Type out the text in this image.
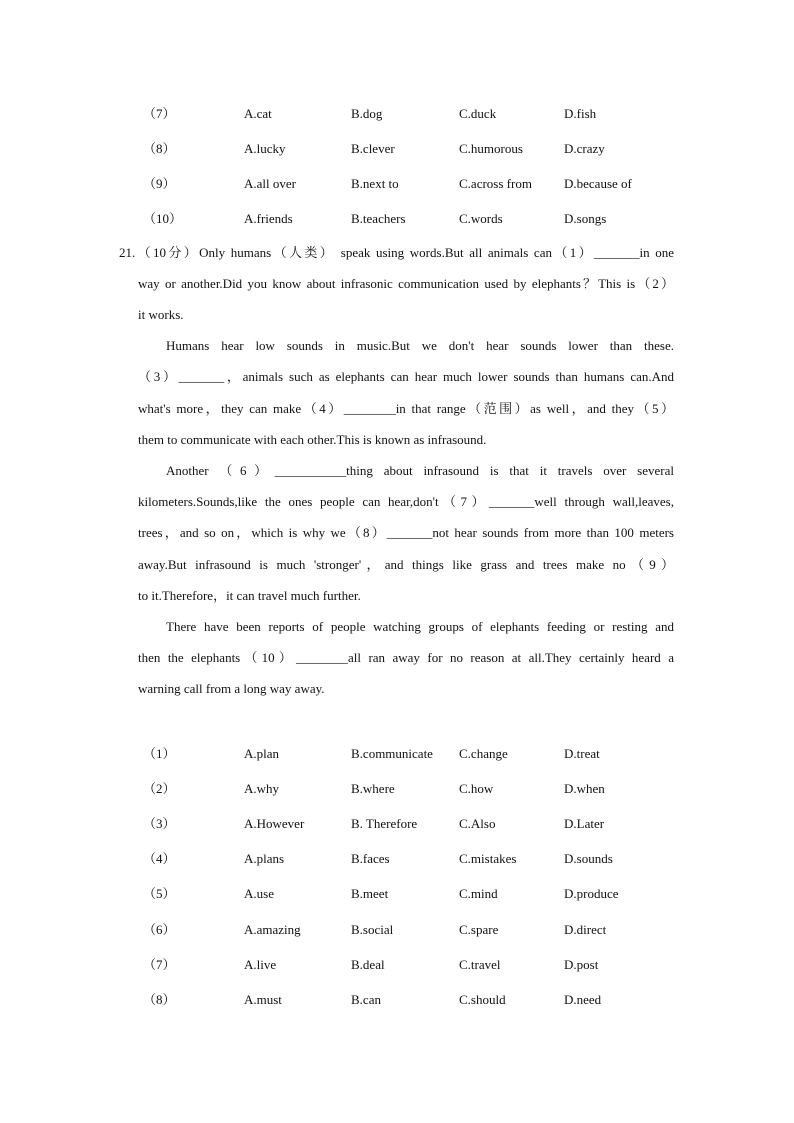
（7）	A.cat	B.dog	C.duck	D.fish
（8）	A.lucky	B.clever	C.humorous	D.crazy
（9）	A.all over	B.next to	C.across from D.because of
（10）	A.friends	B.teachers	C.words	D.songs
21.（10分）Only humans（人类） speak using words.But all animals can（1）_______in one
way or another.Did you know about infrasonic communication used by elephants？This is（2）
it works.
Humans hear low sounds in music.But we don't hear sounds lower than these.
（3）_______，animals such as elephants can hear much lower sounds than humans can.And
what's more，they can make（4）________in that range（范围）as well，and they（5）
them to communicate with each other.This is known as infrasound.
Another （6）___________thing about infrasound is that it travels over several
kilometers.Sounds,like the ones people can hear,don't（7）_______well through wall,leaves,
trees，and so on，which is why we（8）_______not hear sounds from more than 100 meters
away.But infrasound is much 'stronger'，and things like grass and trees make no（9）
to it.Therefore，it can travel much further.
There have been reports of people watching groups of elephants feeding or resting and
then the elephants（10）________all ran away for no reason at all.They certainly heard a
warning call from a long way away.
（1）	A.plan	B.communicate C.change	D.treat
（2）	A.why	B.where	C.how	D.when
（3）	A.However	B. Therefore	C.Also	D.Later
（4）	A.plans	B.faces	C.mistakes	D.sounds
（5）	A.use	B.meet	C.mind	D.produce
（6）	A.amazing	B.social	C.spare	D.direct
（7）	A.live	B.deal	C.travel	D.post
（8）	A.must	B.can	C.should	D.need
